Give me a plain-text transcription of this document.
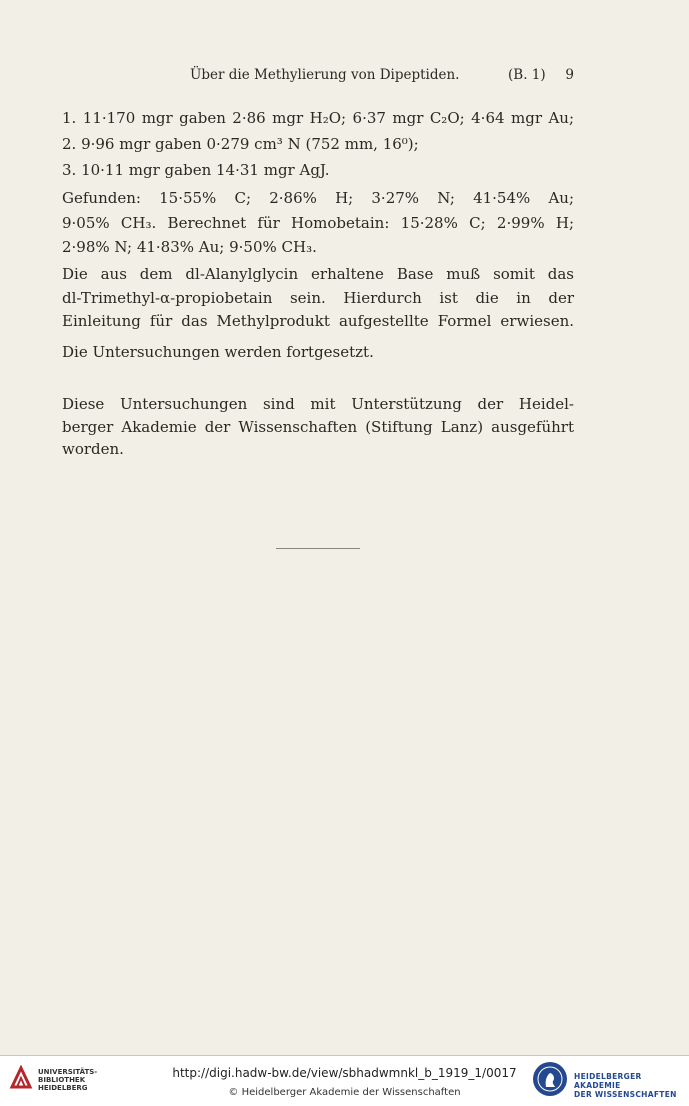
Über die Methylierung von Dipeptiden.	(B. 1) 9
1. 11·170 mgr gaben 2·86 mgr H₂O; 6·37 mgr C₂O; 4·64 mgr Au;
2. 9·96 mgr gaben 0·279 cm³ N (752 mm, 16⁰);
3. 10·11 mgr gaben 14·31 mgr AgJ.
Gefunden: 15·55% C; 2·86% H; 3·27% N; 41·54% Au;
9·05% CH₃. Berechnet für Homobetain: 15·28% C; 2·99% H;
2·98% N; 41·83% Au; 9·50% CH₃.
Die aus dem dl-Alanylglycin erhaltene Base muß somit das
dl-Trimethyl-α-propiobetain sein. Hierdurch ist die in der
Einleitung für das Methylprodukt aufgestellte Formel erwiesen.
Die Untersuchungen werden fortgesetzt.
Diese Untersuchungen sind mit Unterstützung der Heidel-
berger Akademie der Wissenschaften (Stiftung Lanz) ausgeführt
worden.
UNIVERSITÄTS-
BIBLIOTHEK
HEIDELBERG
http://digi.hadw-bw.de/view/sbhadwmnkl_b_1919_1/0017
© Heidelberger Akademie der Wissenschaften
HEIDELBERGER AKADEMIE
DER WISSENSCHAFTEN
